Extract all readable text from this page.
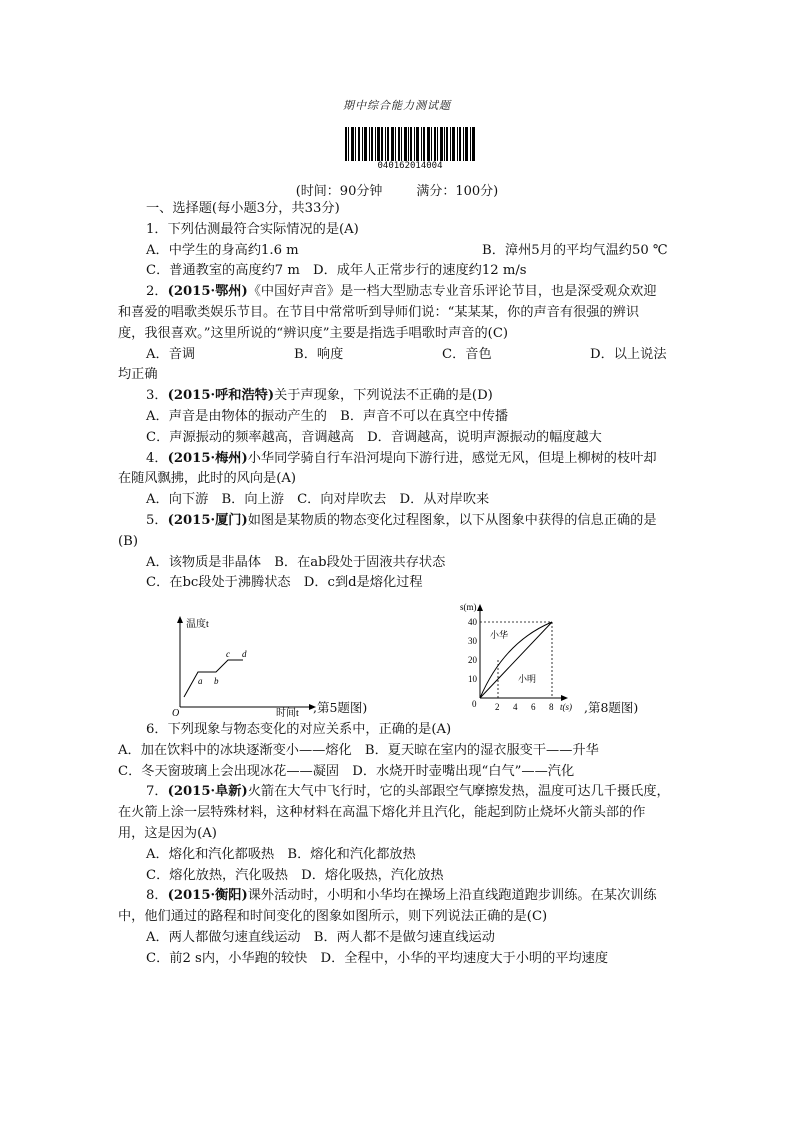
期中综合能力测试题
040162014004
(时间：90分钟	满分：100分)
一、选择题(每小题3分，共33分)
1．下列估测最符合实际情况的是(A)
A．中学生的身高约1.6 m	B．漳州5月的平均气温约50 ℃
C．普通教室的高度约7 m　D．成年人正常步行的速度约12 m/s
2．(2015·鄂州)《中国好声音》是一档大型励志专业音乐评论节目，也是深受观众欢迎
和喜爱的唱歌类娱乐节目。在节目中常常听到导师们说：“某某某，你的声音有很强的辨识
度，我很喜欢。”这里所说的“辨识度”主要是指选手唱歌时声音的(C)
A．音调	B．响度	C．音色	D．以上说法
均正确
3．(2015·呼和浩特)关于声现象，下列说法不正确的是(D)
A．声音是由物体的振动产生的　B．声音不可以在真空中传播
C．声源振动的频率越高，音调越高　D．音调越高，说明声源振动的幅度越大
4．(2015·梅州)小华同学骑自行车沿河堤向下游行进，感觉无风，但堤上柳树的枝叶却
在随风飘拂，此时的风向是(A)
A．向下游　B．向上游　C．向对岸吹去　D．从对岸吹来
5．(2015·厦门)如图是某物质的物态变化过程图象，以下从图象中获得的信息正确的是
(B)
A．该物质是非晶体　B．在ab段处于固液共存状态
C．在bc段处于沸腾状态　D．c到d是熔化过程
温度t
时间t
O
a b
c d
,第5题图)
s(m)
40
30
20
10
0 2 4 6 8 t(s)
小华
小明
,第8题图)
6．下列现象与物态变化的对应关系中，正确的是(A)
A．加在饮料中的冰块逐渐变小——熔化　B．夏天晾在室内的湿衣服变干——升华
C．冬天窗玻璃上会出现冰花——凝固　D．水烧开时壶嘴出现“白气”——汽化
7．(2015·阜新)火箭在大气中飞行时，它的头部跟空气摩擦发热，温度可达几千摄氏度，
在火箭上涂一层特殊材料，这种材料在高温下熔化并且汽化，能起到防止烧坏火箭头部的作
用，这是因为(A)
A．熔化和汽化都吸热　B．熔化和汽化都放热
C．熔化放热，汽化吸热　D．熔化吸热，汽化放热
8．(2015·衡阳)课外活动时，小明和小华均在操场上沿直线跑道跑步训练。在某次训练
中，他们通过的路程和时间变化的图象如图所示，则下列说法正确的是(C)
A．两人都做匀速直线运动　B．两人都不是做匀速直线运动
C．前2 s内，小华跑的较快　D．全程中，小华的平均速度大于小明的平均速度
